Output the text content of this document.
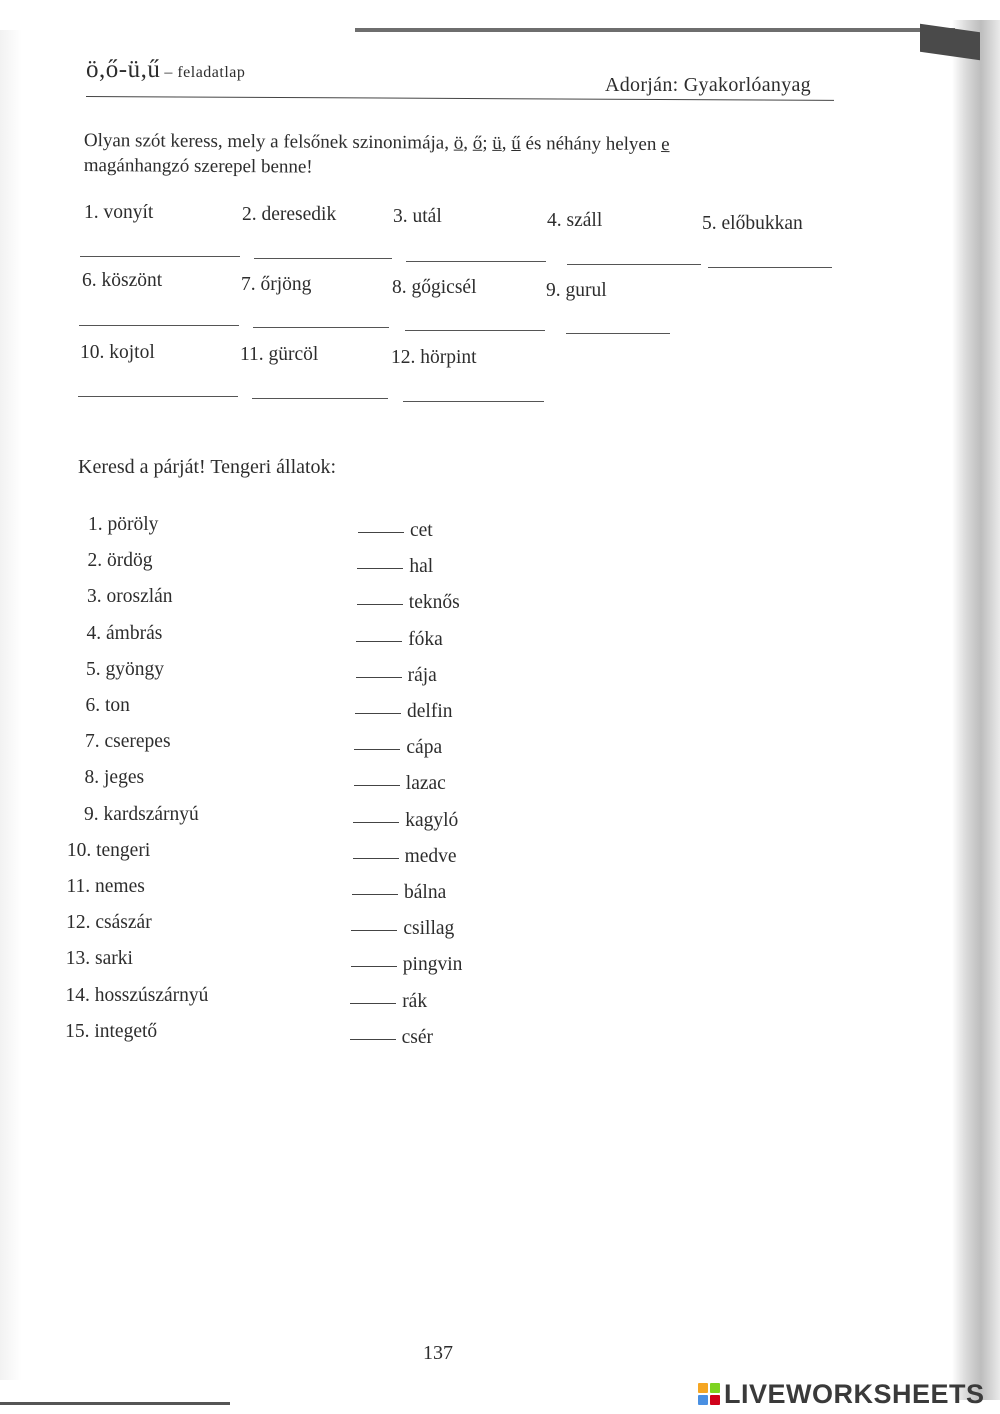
ö,ő-ü,ű – feladatlap
Adorján: Gyakorlóanyag
Olyan szót keress, mely a felsőnek szinonimája, ö, ő; ü, ű és néhány helyen e
magánhangzó szerepel benne!
1. vonyít	2. deresedik	3. utál	4. száll	5. előbukkan
6. köszönt	7. őrjöng	8. gőgicsél	9. gurul
10. kojtol	11. gürcöl	12. hörpint
Keresd a párját! Tengeri állatok:
1. pöröly	cet
2. ördög	hal
3. oroszlán	teknős
4. ámbrás	fóka
5. gyöngy	rája
6. ton	delfin
7. cserepes	cápa
8. jeges	lazac
9. kardszárnyú	kagyló
10. tengeri	medve
11. nemes	bálna
12. császár	csillag
13. sarki	pingvin
14. hosszúszárnyú	rák
15. integető	csér
137
LIVEWORKSHEETS
